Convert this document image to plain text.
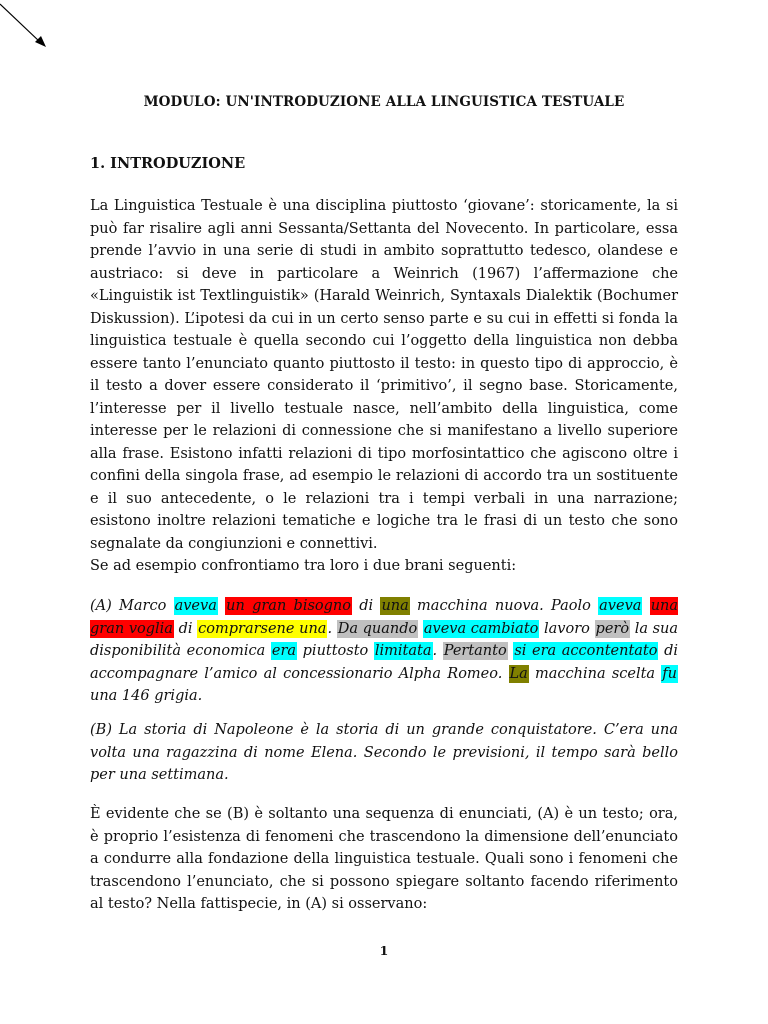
MODULO: UN'INTRODUZIONE ALLA LINGUISTICA TESTUALE
1. INTRODUZIONE
La Linguistica Testuale è una disciplina piuttosto ‘giovane’: storicamente, la si può far risalire agli anni Sessanta/Settanta del Novecento. In particolare, essa prende l’avvio in una serie di studi in ambito soprattutto tedesco, olandese e austriaco: si deve in particolare a Weinrich (1967) l’affermazione che «Linguistik ist Textlinguistik» (Harald Weinrich, Syntaxals Dialektik (Bochumer Diskussion). L’ipotesi da cui in un certo senso parte e su cui in effetti si fonda la linguistica testuale è quella secondo cui l’oggetto della linguistica non debba essere tanto l’enunciato quanto piuttosto il testo: in questo tipo di approccio, è il testo a dover essere considerato il ‘primitivo’, il segno base. Storicamente, l’interesse per il livello testuale nasce, nell’ambito della linguistica, come interesse per le relazioni di connessione che si manifestano a livello superiore alla frase. Esistono infatti relazioni di tipo morfosintattico che agiscono oltre i confini della singola frase, ad esempio le relazioni di accordo tra un sostituente e il suo antecedente, o le relazioni tra i tempi verbali in una narrazione; esistono inoltre relazioni tematiche e logiche tra le frasi di un testo che sono segnalate da congiunzioni e connettivi.
Se ad esempio confrontiamo tra loro i due brani seguenti:
(A) Marco aveva un gran bisogno di una macchina nuova. Paolo aveva una gran voglia di comprarsene una. Da quando aveva cambiato lavoro però la sua disponibilità economica era piuttosto limitata. Pertanto si era accontentato di accompagnare l’amico al concessionario Alpha Romeo. La macchina scelta fu una 146 grigia.
(B) La storia di Napoleone è la storia di un grande conquistatore. C’era una volta una ragazzina di nome Elena. Secondo le previsioni, il tempo sarà bello per una settimana.
È evidente che se (B) è soltanto una sequenza di enunciati, (A) è un testo; ora, è proprio l’esistenza di fenomeni che trascendono la dimensione dell’enunciato a condurre alla fondazione della linguistica testuale. Quali sono i fenomeni che trascendono l’enunciato, che si possono spiegare soltanto facendo riferimento al testo? Nella fattispecie, in (A) si osservano:
1
